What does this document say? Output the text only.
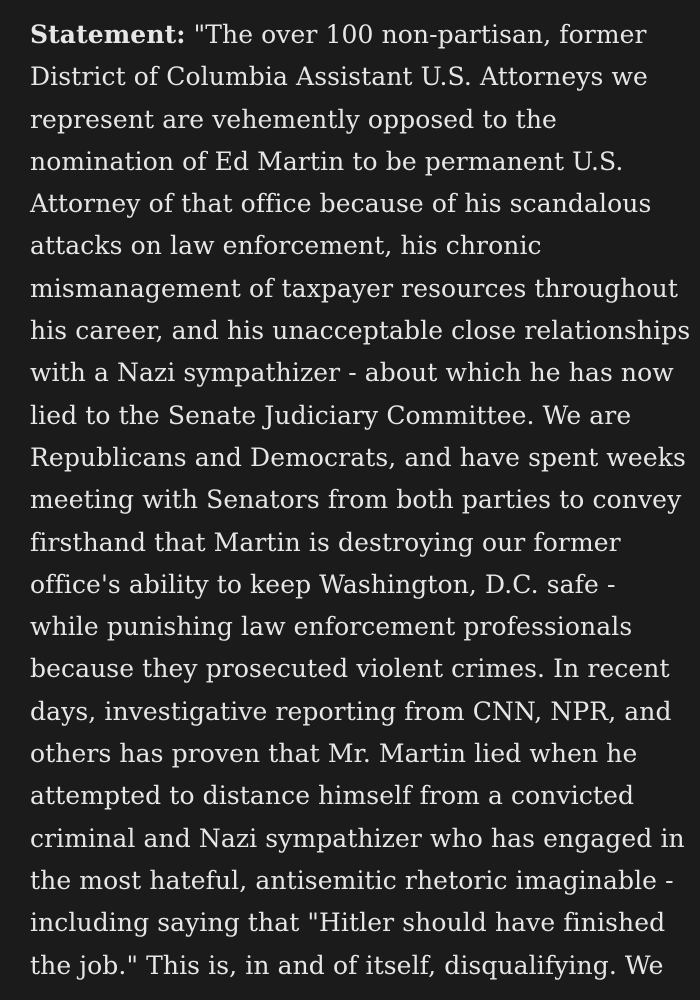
Statement: "The over 100 non-partisan, former
District of Columbia Assistant U.S. Attorneys we
represent are vehemently opposed to the
nomination of Ed Martin to be permanent U.S.
Attorney of that office because of his scandalous
attacks on law enforcement, his chronic
mismanagement of taxpayer resources throughout
his career, and his unacceptable close relationships
with a Nazi sympathizer - about which he has now
lied to the Senate Judiciary Committee. We are
Republicans and Democrats, and have spent weeks
meeting with Senators from both parties to convey
firsthand that Martin is destroying our former
office's ability to keep Washington, D.C. safe -
while punishing law enforcement professionals
because they prosecuted violent crimes. In recent
days, investigative reporting from CNN, NPR, and
others has proven that Mr. Martin lied when he
attempted to distance himself from a convicted
criminal and Nazi sympathizer who has engaged in
the most hateful, antisemitic rhetoric imaginable -
including saying that "Hitler should have finished
the job." This is, in and of itself, disqualifying. We
